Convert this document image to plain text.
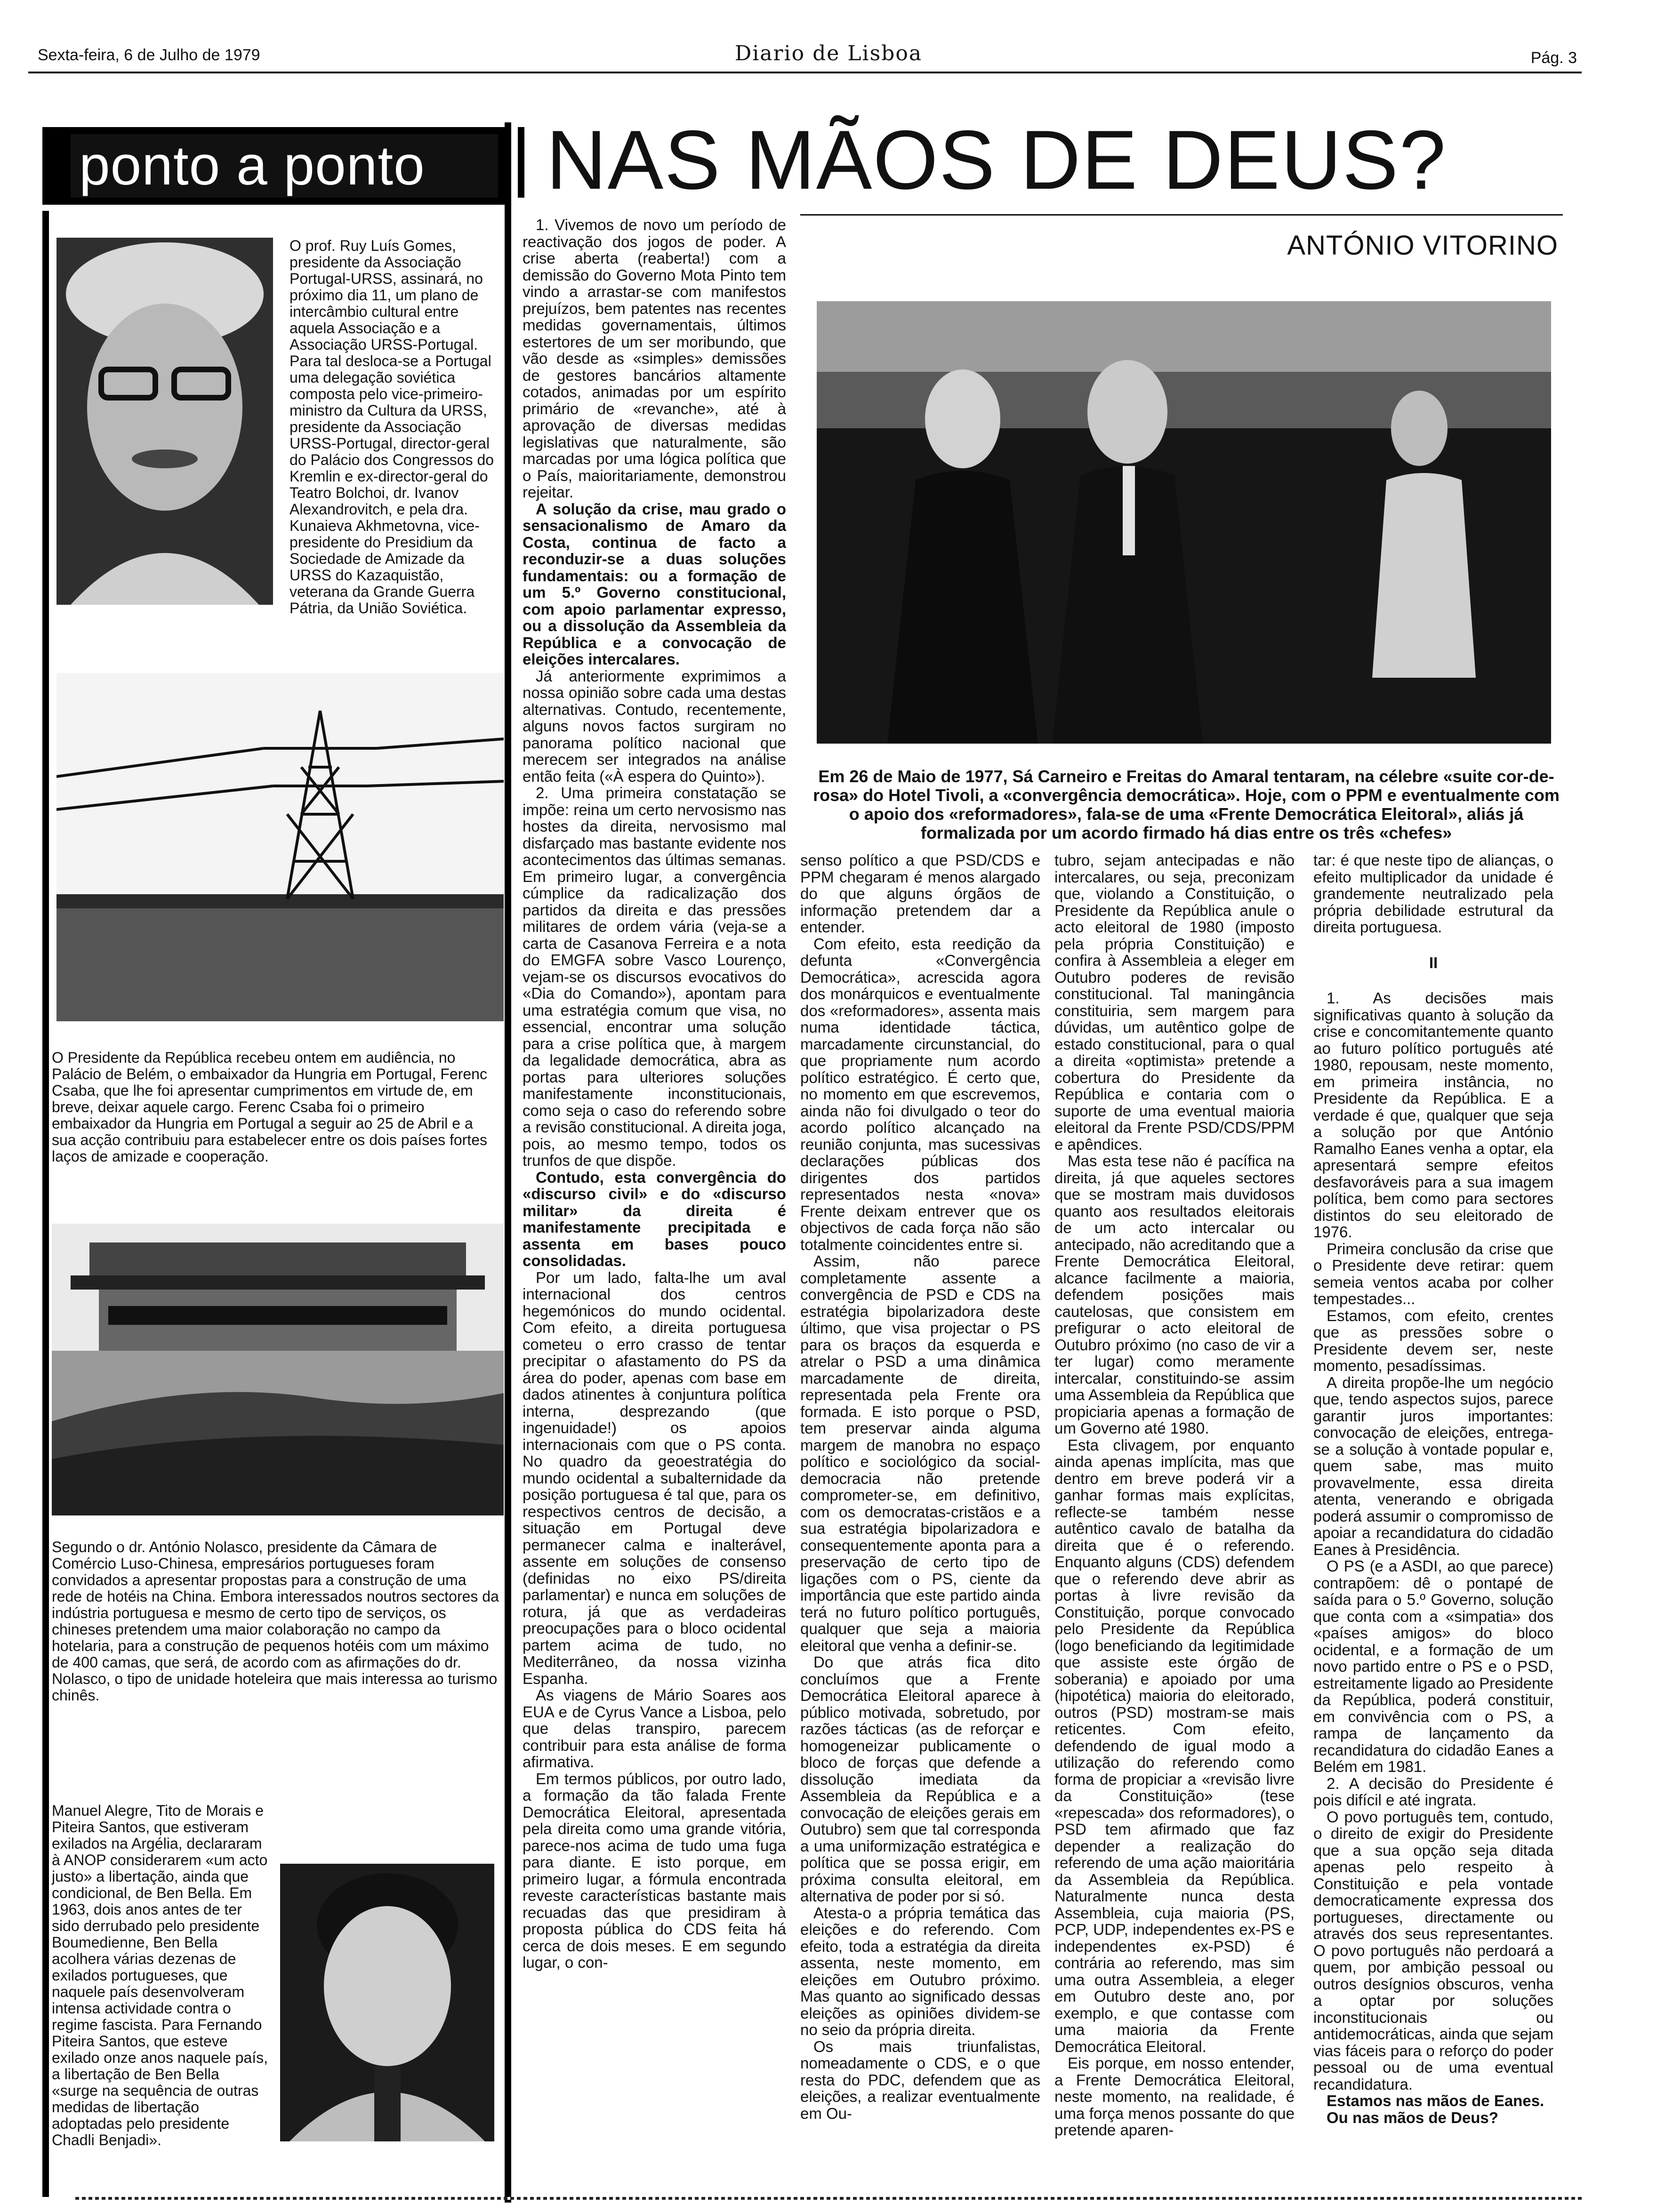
Sexta-feira, 6 de Julho de 1979	Diario de Lisboa	Pág. 3
ponto a ponto
O prof. Ruy Luís Gomes, presidente da Associação Portugal-URSS, assinará, no próximo dia 11, um plano de intercâmbio cultural entre aquela Associação e a Associação URSS-Portugal. Para tal desloca-se a Portugal uma delegação soviética composta pelo vice-primeiro-ministro da Cultura da URSS, presidente da Associação URSS-Portugal, director-geral do Palácio dos Congressos do Kremlin e ex-director-geral do Teatro Bolchoi, dr. Ivanov Alexandrovitch, e pela dra. Kunaieva Akhmetovna, vice-presidente do Presidium da Sociedade de Amizade da URSS do Kazaquistão, veterana da Grande Guerra Pátria, da União Soviética.
O Presidente da República recebeu ontem em audiência, no Palácio de Belém, o embaixador da Hungria em Portugal, Ferenc Csaba, que lhe foi apresentar cumprimentos em virtude de, em breve, deixar aquele cargo. Ferenc Csaba foi o primeiro embaixador da Hungria em Portugal a seguir ao 25 de Abril e a sua acção contribuiu para estabelecer entre os dois países fortes laços de amizade e cooperação.
Segundo o dr. António Nolasco, presidente da Câmara de Comércio Luso-Chinesa, empresários portugueses foram convidados a apresentar propostas para a construção de uma rede de hotéis na China. Embora interessados noutros sectores da indústria portuguesa e mesmo de certo tipo de serviços, os chineses pretendem uma maior colaboração no campo da hotelaria, para a construção de pequenos hotéis com um máximo de 400 camas, que será, de acordo com as afirmações do dr. Nolasco, o tipo de unidade hoteleira que mais interessa ao turismo chinês.
Manuel Alegre, Tito de Morais e Piteira Santos, que estiveram exilados na Argélia, declararam à ANOP considerarem «um acto justo» a libertação, ainda que condicional, de Ben Bella. Em 1963, dois anos antes de ter sido derrubado pelo presidente Boumedienne, Ben Bella acolhera várias dezenas de exilados portugueses, que naquele país desenvolveram intensa actividade contra o regime fascista. Para Fernando Piteira Santos, que esteve exilado onze anos naquele país, a libertação de Ben Bella «surge na sequência de outras medidas de libertação adoptadas pelo presidente Chadli Benjadi».
NAS MÃOS DE DEUS?
ANTÓNIO VITORINO
Em 26 de Maio de 1977, Sá Carneiro e Freitas do Amaral tentaram, na célebre «suite cor-de-rosa» do Hotel Tivoli, a «convergência democrática». Hoje, com o PPM e eventualmente com o apoio dos «reformadores», fala-se de uma «Frente Democrática Eleitoral», aliás já formalizada por um acordo firmado há dias entre os três «chefes»

1. Vivemos de novo um período de reactivação dos jogos de poder. A crise aberta (reaberta!) com a demissão do Governo Mota Pinto tem vindo a arrastar-se com manifestos prejuízos, bem patentes nas recentes medidas governamentais, últimos estertores de um ser moribundo, que vão desde as «simples» demissões de gestores bancários altamente cotados, animadas por um espírito primário de «revanche», até à aprovação de diversas medidas legislativas que naturalmente, são marcadas por uma lógica política que o País, maioritariamente, demonstrou rejeitar.

A solução da crise, mau grado o sensacionalismo de Amaro da Costa, continua de facto a reconduzir-se a duas soluções fundamentais: ou a formação de um 5.º Governo constitucional, com apoio parlamentar expresso, ou a dissolução da Assembleia da República e a convocação de eleições intercalares.

Já anteriormente exprimimos a nossa opinião sobre cada uma destas alternativas. Contudo, recentemente, alguns novos factos surgiram no panorama político nacional que merecem ser integrados na análise então feita («À espera do Quinto»).

2. Uma primeira constatação se impõe: reina um certo nervosismo nas hostes da direita, nervosismo mal disfarçado mas bastante evidente nos acontecimentos das últimas semanas. Em primeiro lugar, a convergência cúmplice da radicalização dos partidos da direita e das pressões militares de ordem vária (veja-se a carta de Casanova Ferreira e a nota do EMGFA sobre Vasco Lourenço, vejam-se os discursos evocativos do «Dia do Comando»), apontam para uma estratégia comum que visa, no essencial, encontrar uma solução para a crise política que, à margem da legalidade democrática, abra as portas para ulteriores soluções manifestamente inconstitucionais, como seja o caso do referendo sobre a revisão constitucional. A direita joga, pois, ao mesmo tempo, todos os trunfos de que dispõe.

Contudo, esta convergência do «discurso civil» e do «discurso militar» da direita é manifestamente precipitada e assenta em bases pouco consolidadas.

Por um lado, falta-lhe um aval internacional dos centros hegemónicos do mundo ocidental. Com efeito, a direita portuguesa cometeu o erro crasso de tentar precipitar o afastamento do PS da área do poder, apenas com base em dados atinentes à conjuntura política interna, desprezando (que ingenuidade!) os apoios internacionais com que o PS conta. No quadro da geoestratégia do mundo ocidental a subalternidade da posição portuguesa é tal que, para os respectivos centros de decisão, a situação em Portugal deve permanecer calma e inalterável, assente em soluções de consenso (definidas no eixo PS/direita parlamentar) e nunca em soluções de rotura, já que as verdadeiras preocupações para o bloco ocidental partem acima de tudo, no Mediterrâneo, da nossa vizinha Espanha.

As viagens de Mário Soares aos EUA e de Cyrus Vance a Lisboa, pelo que delas transpiro, parecem contribuir para esta análise de forma afirmativa.

Em termos públicos, por outro lado, a formação da tão falada Frente Democrática Eleitoral, apresentada pela direita como uma grande vitória, parece-nos acima de tudo uma fuga para diante. E isto porque, em primeiro lugar, a fórmula encontrada reveste características bastante mais recuadas das que presidiram à proposta pública do CDS feita há cerca de dois meses. E em segundo lugar, o con-

senso político a que PSD/CDS e PPM chegaram é menos alargado do que alguns órgãos de informação pretendem dar a entender.

Com efeito, esta reedição da defunta «Convergência Democrática», acrescida agora dos monárquicos e eventualmente dos «reformadores», assenta mais numa identidade táctica, marcadamente circunstancial, do que propriamente num acordo político estratégico. É certo que, no momento em que escrevemos, ainda não foi divulgado o teor do acordo político alcançado na reunião conjunta, mas sucessivas declarações públicas dos dirigentes dos partidos representados nesta «nova» Frente deixam entrever que os objectivos de cada força não são totalmente coincidentes entre si.

Assim, não parece completamente assente a convergência de PSD e CDS na estratégia bipolarizadora deste último, que visa projectar o PS para os braços da esquerda e atrelar o PSD a uma dinâmica marcadamente de direita, representada pela Frente ora formada. E isto porque o PSD, tem preservar ainda alguma margem de manobra no espaço político e sociológico da social-democracia não pretende comprometer-se, em definitivo, com os democratas-cristãos e a sua estratégia bipolarizadora e consequentemente aponta para a preservação de certo tipo de ligações com o PS, ciente da importância que este partido ainda terá no futuro político português, qualquer que seja a maioria eleitoral que venha a definir-se.

Do que atrás fica dito concluímos que a Frente Democrática Eleitoral aparece à público motivada, sobretudo, por razões tácticas (as de reforçar e homogeneizar publicamente o bloco de forças que defende a dissolução imediata da Assembleia da República e a convocação de eleições gerais em Outubro) sem que tal corresponda a uma uniformização estratégica e política que se possa erigir, em próxima consulta eleitoral, em alternativa de poder por si só.

Atesta-o a própria temática das eleições e do referendo. Com efeito, toda a estratégia da direita assenta, neste momento, em eleições em Outubro próximo. Mas quanto ao significado dessas eleições as opiniões dividem-se no seio da própria direita.

Os mais triunfalistas, nomeadamente o CDS, e o que resta do PDC, defendem que as eleições, a realizar eventualmente em Ou-

tubro, sejam antecipadas e não intercalares, ou seja, preconizam que, violando a Constituição, o Presidente da República anule o acto eleitoral de 1980 (imposto pela própria Constituição) e confira à Assembleia a eleger em Outubro poderes de revisão constitucional. Tal maningância constituiria, sem margem para dúvidas, um autêntico golpe de estado constitucional, para o qual a direita «optimista» pretende a cobertura do Presidente da República e contaria com o suporte de uma eventual maioria eleitoral da Frente PSD/CDS/PPM e apêndices.

Mas esta tese não é pacífica na direita, já que aqueles sectores que se mostram mais duvidosos quanto aos resultados eleitorais de um acto intercalar ou antecipado, não acreditando que a Frente Democrática Eleitoral, alcance facilmente a maioria, defendem posições mais cautelosas, que consistem em prefigurar o acto eleitoral de Outubro próximo (no caso de vir a ter lugar) como meramente intercalar, constituindo-se assim uma Assembleia da República que propiciaria apenas a formação de um Governo até 1980.

Esta clivagem, por enquanto ainda apenas implícita, mas que dentro em breve poderá vir a ganhar formas mais explícitas, reflecte-se também nesse autêntico cavalo de batalha da direita que é o referendo. Enquanto alguns (CDS) defendem que o referendo deve abrir as portas à livre revisão da Constituição, porque convocado pelo Presidente da República (logo beneficiando da legitimidade que assiste este órgão de soberania) e apoiado por uma (hipotética) maioria do eleitorado, outros (PSD) mostram-se mais reticentes. Com efeito, defendendo de igual modo a utilização do referendo como forma de propiciar a «revisão livre da Constituição» (tese «repescada» dos reformadores), o PSD tem afirmado que faz depender a realização do referendo de uma ação maioritária da Assembleia da República. Naturalmente nunca desta Assembleia, cuja maioria (PS, PCP, UDP, independentes ex-PS e independentes ex-PSD) é contrária ao referendo, mas sim uma outra Assembleia, a eleger em Outubro deste ano, por exemplo, e que contasse com uma maioria da Frente Democrática Eleitoral.

Eis porque, em nosso entender, a Frente Democrática Eleitoral, neste momento, na realidade, é uma força menos possante do que pretende aparen-

tar: é que neste tipo de alianças, o efeito multiplicador da unidade é grandemente neutralizado pela própria debilidade estrutural da direita portuguesa.

II

1. As decisões mais significativas quanto à solução da crise e concomitantemente quanto ao futuro político português até 1980, repousam, neste momento, em primeira instância, no Presidente da República. E a verdade é que, qualquer que seja a solução por que António Ramalho Eanes venha a optar, ela apresentará sempre efeitos desfavoráveis para a sua imagem política, bem como para sectores distintos do seu eleitorado de 1976.

Primeira conclusão da crise que o Presidente deve retirar: quem semeia ventos acaba por colher tempestades...

Estamos, com efeito, crentes que as pressões sobre o Presidente devem ser, neste momento, pesadíssimas.

A direita propõe-lhe um negócio que, tendo aspectos sujos, parece garantir juros importantes: convocação de eleições, entrega-se a solução à vontade popular e, quem sabe, mas muito provavelmente, essa direita atenta, venerando e obrigada poderá assumir o compromisso de apoiar a recandidatura do cidadão Eanes à Presidência.

O PS (e a ASDI, ao que parece) contrapõem: dê o pontapé de saída para o 5.º Governo, solução que conta com a «simpatia» dos «países amigos» do bloco ocidental, e a formação de um novo partido entre o PS e o PSD, estreitamente ligado ao Presidente da República, poderá constituir, em convivência com o PS, a rampa de lançamento da recandidatura do cidadão Eanes a Belém em 1981.

2. A decisão do Presidente é pois difícil e até ingrata.

O povo português tem, contudo, o direito de exigir do Presidente que a sua opção seja ditada apenas pelo respeito à Constituição e pela vontade democraticamente expressa dos portugueses, directamente ou através dos seus representantes. O povo português não perdoará a quem, por ambição pessoal ou outros desígnios obscuros, venha a optar por soluções inconstitucionais ou antidemocráticas, ainda que sejam vias fáceis para o reforço do poder pessoal ou de uma eventual recandidatura.

Estamos nas mãos de Eanes.

Ou nas mãos de Deus?
